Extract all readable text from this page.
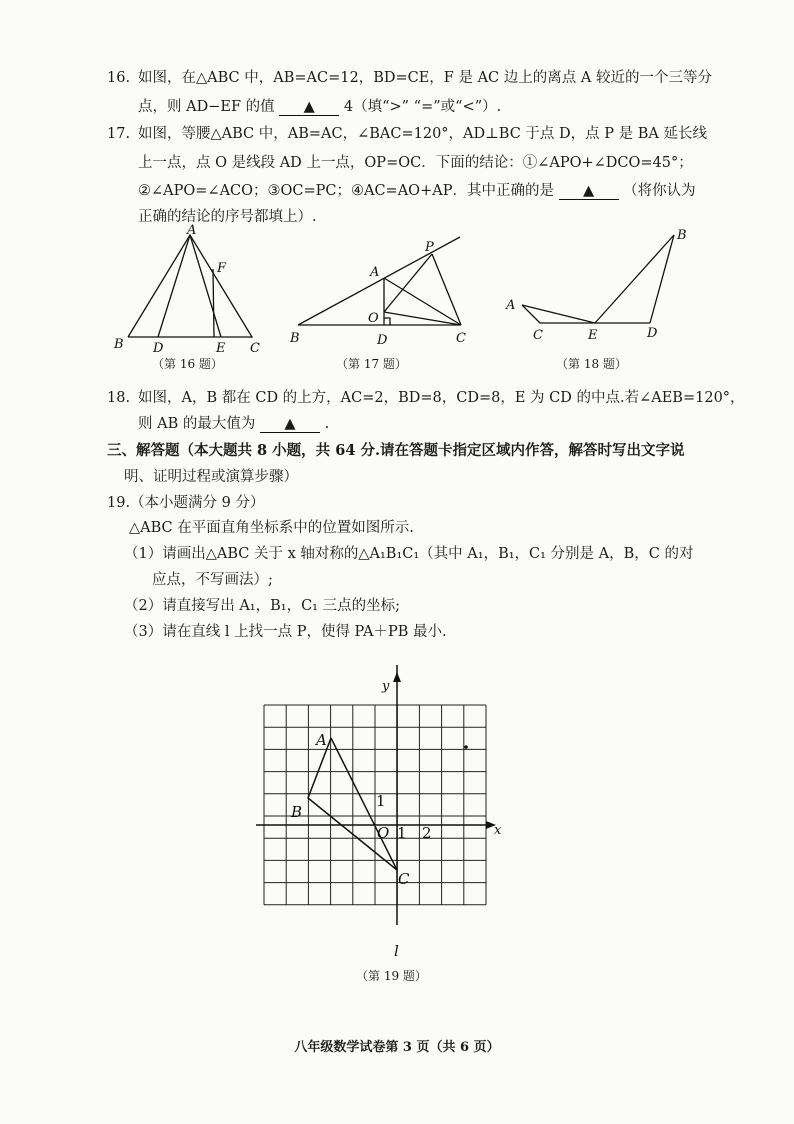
16. 如图，在△ABC 中，AB=AC=12，BD=CE，F 是 AC 边上的离点 A 较近的一个三等分
点，则 AD−EF 的值 ▲ 4（填“>” “=”或“<”）.
17. 如图，等腰△ABC 中，AB=AC，∠BAC=120°，AD⊥BC 于点 D，点 P 是 BA 延长线
上一点，点 O 是线段 AD 上一点，OP=OC．下面的结论：①∠APO+∠DCO=45°；
②∠APO=∠ACO；③OC=PC；④AC=AO+AP．其中正确的是 ▲ （将你认为
正确的结论的序号都填上）.
A
B	C
D	E
F
（第 16 题）
A
B	C
D
O
P
（第 17 题）
A
B
C	D
E
（第 18 题）
18. 如图，A，B 都在 CD 的上方，AC=2，BD=8，CD=8，E 为 CD 的中点.若∠AEB=120°，
则 AB 的最大值为 ▲ .
三、解答题（本大题共 8 小题，共 64 分.请在答题卡指定区域内作答，解答时写出文字说
明、证明过程或演算步骤）
19. （本小题满分 9 分）
△ABC 在平面直角坐标系中的位置如图所示.
（1）请画出△ABC 关于 x 轴对称的△A₁B₁C₁（其中 A₁，B₁，C₁ 分别是 A，B，C 的对
应点，不写画法）;
（2）请直接写出 A₁，B₁，C₁ 三点的坐标;
（3）请在直线 l 上找一点 P，使得 PA＋PB 最小.
y
x
A
B
C
O 1 2
1
l
（第 19 题）
八年级数学试卷第 3 页（共 6 页）
